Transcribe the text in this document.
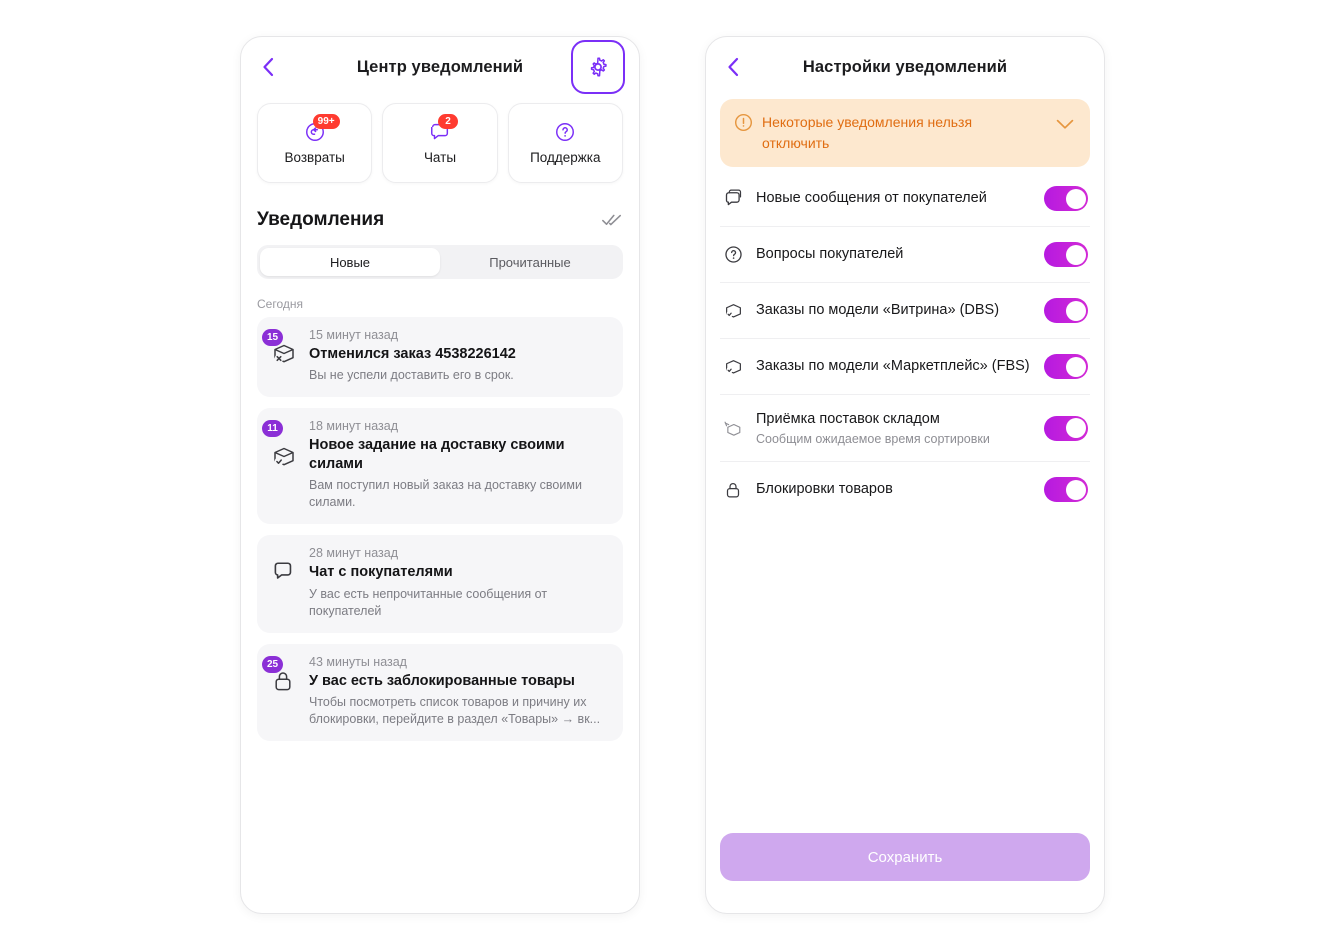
Центр уведомлений
99+
Возвраты
2
Чаты	Поддержка
Уведомления
Новые	Прочитанные
Сегодня
15	15 минут назад
Отменился заказ 4538226142
Вы не успели доставить его в срок.
11	18 минут назад
Новое задание на доставку своими силами
Вам поступил новый заказ на доставку своими силами.
28 минут назад
Чат с покупателями
У вас есть непрочитанные сообщения от покупателей
25	43 минуты назад
У вас есть заблокированные товары
Чтобы посмотреть список товаров и причину их блокировки, перейдите в раздел «Товары» → вк...
Настройки уведомлений
Некоторые уведомления нельзя отключить
Новые сообщения от покупателей
Вопросы покупателей
Заказы по модели «Витрина» (DBS)
Заказы по модели «Маркетплейс» (FBS)
Приёмка поставок складом
Сообщим ожидаемое время сортировки
Блокировки товаров
Сохранить
